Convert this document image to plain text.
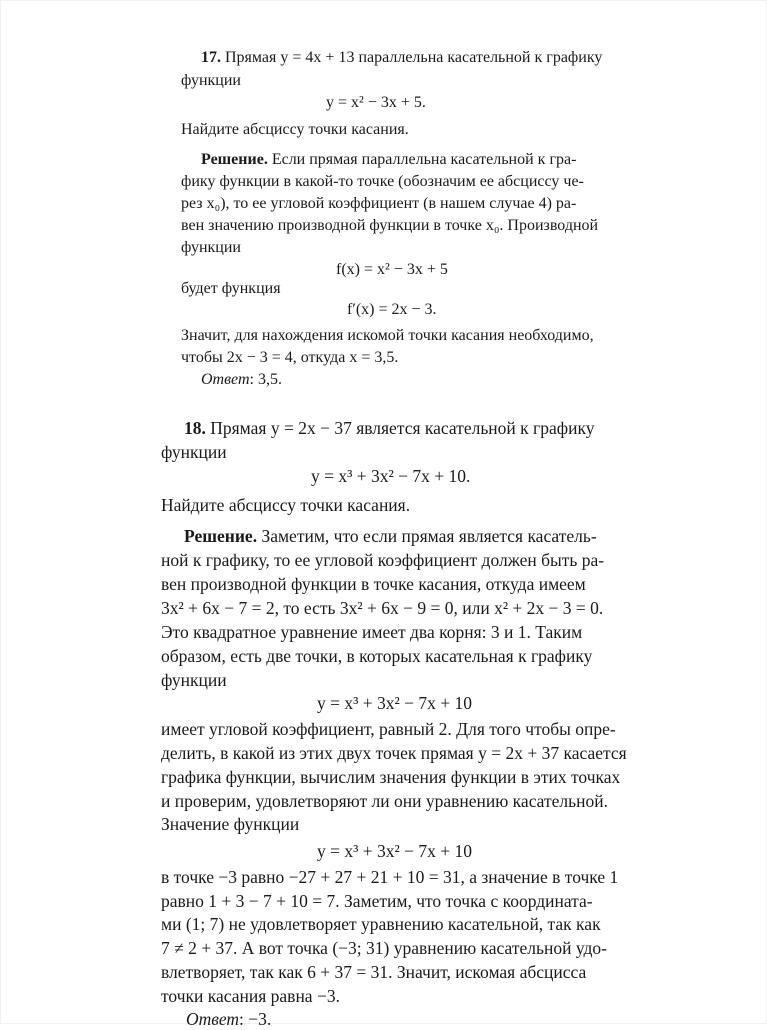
17. Прямая y = 4x + 13 параллельна касательной к графику
функции
y = x² − 3x + 5.
Найдите абсциссу точки касания.
Решение. Если прямая параллельна касательной к гра-
фику функции в какой-то точке (обозначим ее абсциссу че-
рез x₀), то ее угловой коэффициент (в нашем случае 4) ра-
вен значению производной функции в точке x₀. Производной
функции
f(x) = x² − 3x + 5
будет функция
f′(x) = 2x − 3.
Значит, для нахождения искомой точки касания необходимо,
чтобы 2x − 3 = 4, откуда x = 3,5.
Ответ: 3,5.
18. Прямая y = 2x − 37 является касательной к графику
функции
y = x³ + 3x² − 7x + 10.
Найдите абсциссу точки касания.
Решение. Заметим, что если прямая является касатель-
ной к графику, то ее угловой коэффициент должен быть ра-
вен производной функции в точке касания, откуда имеем
3x² + 6x − 7 = 2, то есть 3x² + 6x − 9 = 0, или x² + 2x − 3 = 0.
Это квадратное уравнение имеет два корня: 3 и 1. Таким
образом, есть две точки, в которых касательная к графику
функции
y = x³ + 3x² − 7x + 10
имеет угловой коэффициент, равный 2. Для того чтобы опре-
делить, в какой из этих двух точек прямая y = 2x + 37 касается
графика функции, вычислим значения функции в этих точках
и проверим, удовлетворяют ли они уравнению касательной.
Значение функции
y = x³ + 3x² − 7x + 10
в точке −3 равно −27 + 27 + 21 + 10 = 31, а значение в точке 1
равно 1 + 3 − 7 + 10 = 7. Заметим, что точка с координата-
ми (1; 7) не удовлетворяет уравнению касательной, так как
7 ≠ 2 + 37. А вот точка (−3; 31) уравнению касательной удо-
влетворяет, так как 6 + 37 = 31. Значит, искомая абсцисса
точки касания равна −3.
Ответ: −3.
